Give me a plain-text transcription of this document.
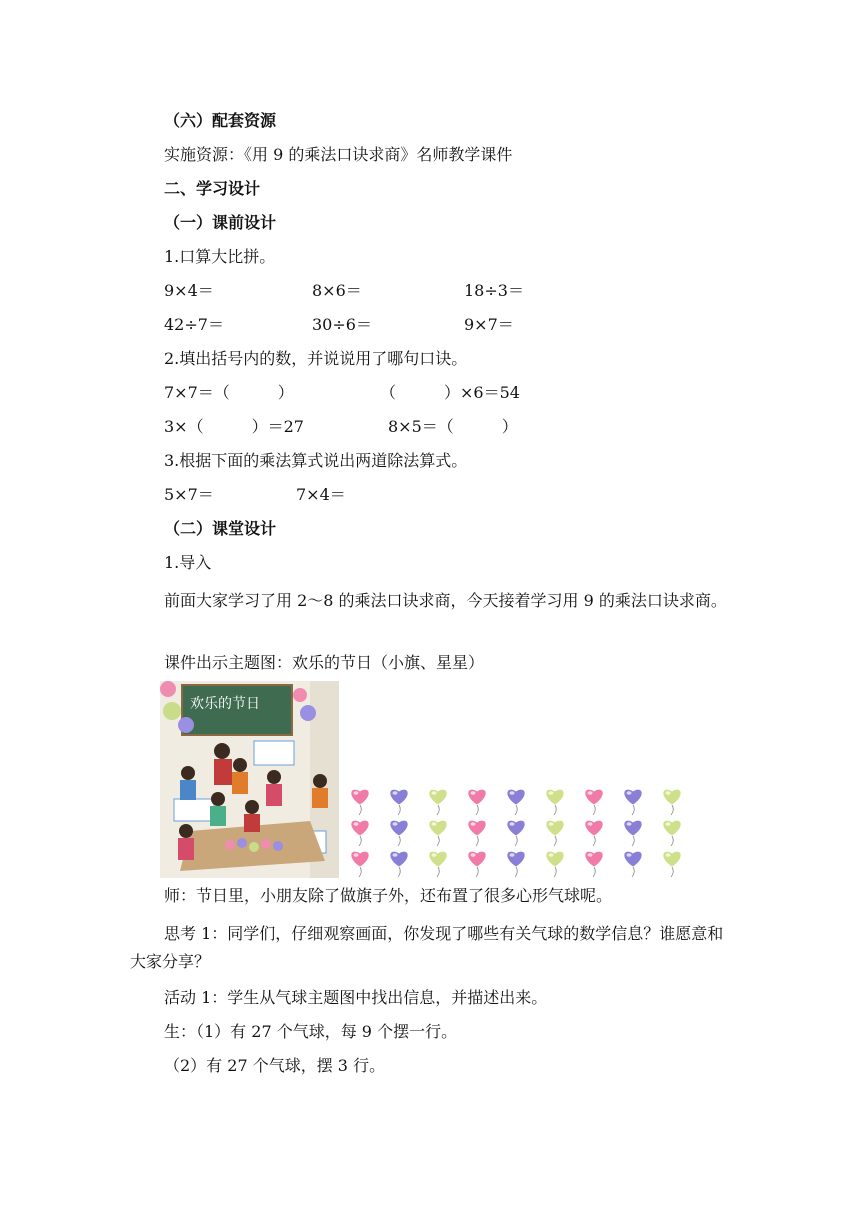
（六）配套资源
实施资源：《用 9 的乘法口诀求商》名师教学课件
二、学习设计
（一）课前设计
1.口算大比拼。
9×4＝	8×6＝	18÷3＝
42÷7＝	30÷6＝	9×7＝
2.填出括号内的数，并说说用了哪句口诀。
7×7＝（　　　）	（　　　）×6＝54
3×（　　　）＝27	8×5＝（　　　）
3.根据下面的乘法算式说出两道除法算式。
5×7＝	7×4＝
（二）课堂设计
1.导入
前面大家学习了用 2～8 的乘法口诀求商，今天接着学习用 9 的乘法口诀求商。
课件出示主题图：欢乐的节日（小旗、星星）
欢乐的节日
师：节日里，小朋友除了做旗子外，还布置了很多心形气球呢。
思考 1：同学们，仔细观察画面，你发现了哪些有关气球的数学信息？谁愿意和大家分享？
活动 1：学生从气球主题图中找出信息，并描述出来。
生：（1）有 27 个气球，每 9 个摆一行。
（2）有 27 个气球，摆 3 行。
